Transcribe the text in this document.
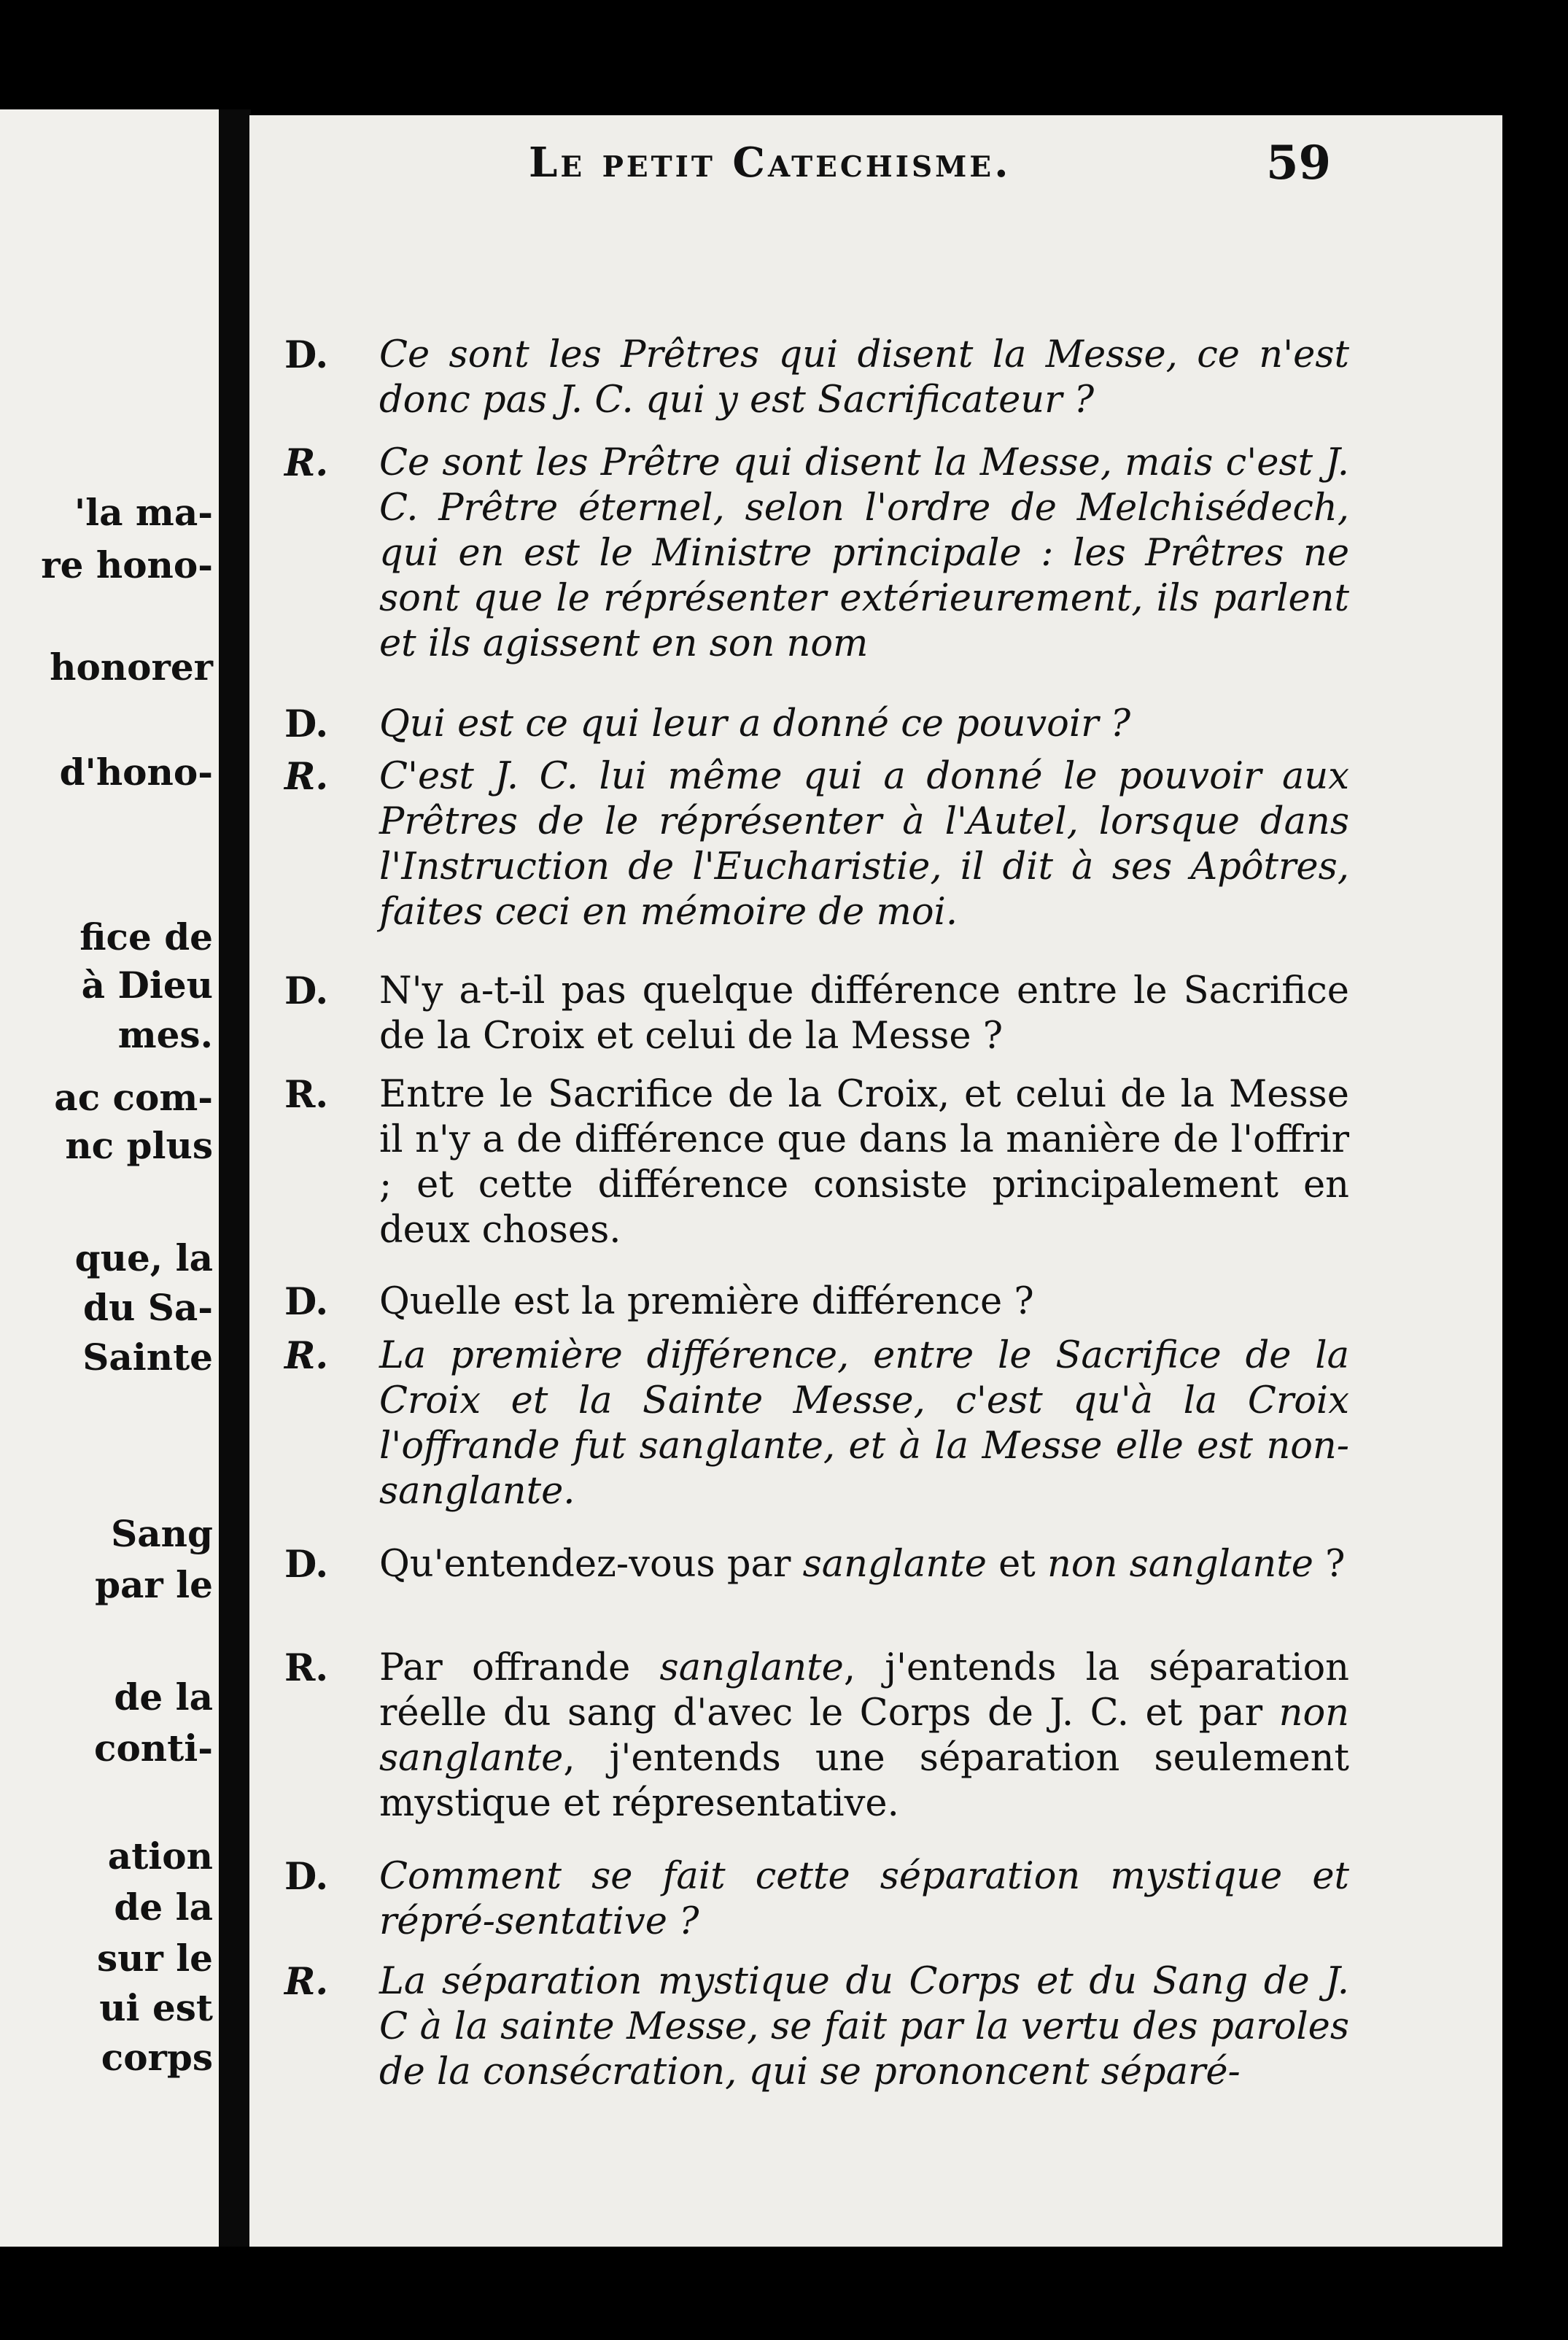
'la ma-
re hono-
honorer
d'hono-
fice de
à Dieu
mes.
ac com-
nc plus
que, la
du Sa-
Sainte
Sang
par le
de la
conti-
ation
de la
sur le
ui est
corps
Le petit Catechisme.	59
D. Ce sont les Prêtres qui disent la Messe, ce n'est donc pas J. C. qui y est Sacrificateur ?
R. Ce sont les Prêtre qui disent la Messe, mais c'est J. C. Prêtre éternel, selon l'ordre de Melchisédech, qui en est le Ministre principale : les Prêtres ne sont que le réprésenter extérieurement, ils parlent et ils agissent en son nom
D. Qui est ce qui leur a donné ce pouvoir ?
R. C'est J. C. lui même qui a donné le pouvoir aux Prêtres de le réprésenter à l'Autel, lorsque dans l'Instruction de l'Eucharistie, il dit à ses Apôtres, faites ceci en mémoire de moi.
D. N'y a-t-il pas quelque différence entre le Sacrifice de la Croix et celui de la Messe ?
R. Entre le Sacrifice de la Croix, et celui de la Messe il n'y a de différence que dans la manière de l'offrir ; et cette différence consiste principalement en deux choses.
D. Quelle est la première différence ?
R. La première différence, entre le Sacrifice de la Croix et la Sainte Messe, c'est qu'à la Croix l'offrande fut sanglante, et à la Messe elle est non-sanglante.
D. Qu'entendez-vous par sanglante et non sanglante ?
R. Par offrande sanglante, j'entends la séparation réelle du sang d'avec le Corps de J. C. et par non sanglante, j'entends une séparation seulement mystique et répresentative.
D. Comment se fait cette séparation mystique et répré-sentative ?
R. La séparation mystique du Corps et du Sang de J. C à la sainte Messe, se fait par la vertu des paroles de la consécration, qui se prononcent séparé-
